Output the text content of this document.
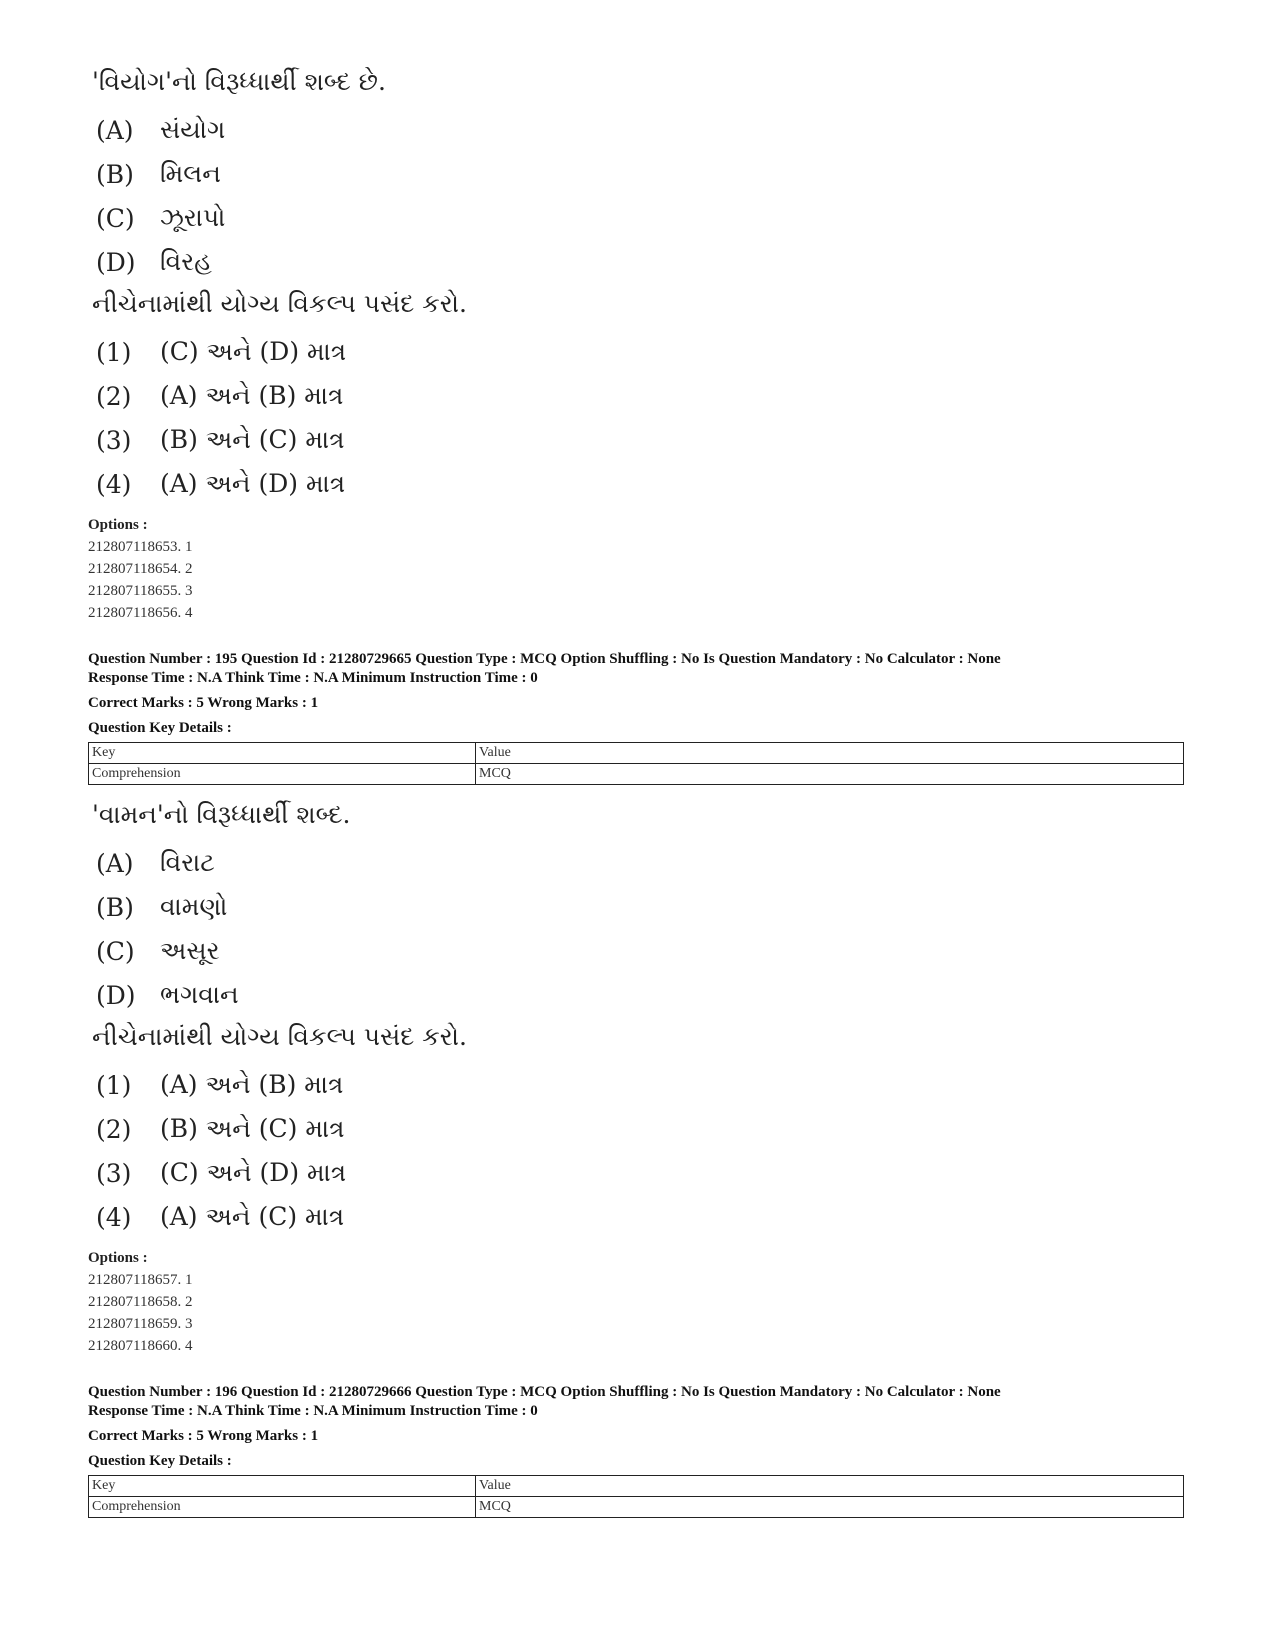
'વિયોગ'નો વિરૂધ્ધાર્થી શબ્દ છે.
(A)	સંયોગ
(B)	મિલન
(C)	ઝૂરાપો
(D) વિરહ
નીચેનામાંથી યોગ્ય વિકલ્પ પસંદ કરો.
(1)	(C) અને (D) માત્ર
(2)	(A) અને (B) માત્ર
(3)	(B) અને (C) માત્ર
(4)	(A) અને (D) માત્ર
Options :
212807118653. 1
212807118654. 2
212807118655. 3
212807118656. 4
Question Number : 195 Question Id : 21280729665 Question Type : MCQ Option Shuffling : No Is Question Mandatory : No Calculator : None
Response Time : N.A Think Time : N.A Minimum Instruction Time : 0
Correct Marks : 5 Wrong Marks : 1
Question Key Details :
Key	Value
Comprehension	MCQ
'વામન'નો વિરૂધ્ધાર્થી શબ્દ.
(A)	વિરાટ
(B)	વામણો
(C)	અસૂર
(D) ભગવાન
નીચેનામાંથી યોગ્ય વિકલ્પ પસંદ કરો.
(1)	(A) અને (B) માત્ર
(2)	(B) અને (C) માત્ર
(3)	(C) અને (D) માત્ર
(4)	(A) અને (C) માત્ર
Options :
212807118657. 1
212807118658. 2
212807118659. 3
212807118660. 4
Question Number : 196 Question Id : 21280729666 Question Type : MCQ Option Shuffling : No Is Question Mandatory : No Calculator : None
Response Time : N.A Think Time : N.A Minimum Instruction Time : 0
Correct Marks : 5 Wrong Marks : 1
Question Key Details :
Key	Value
Comprehension	MCQ
